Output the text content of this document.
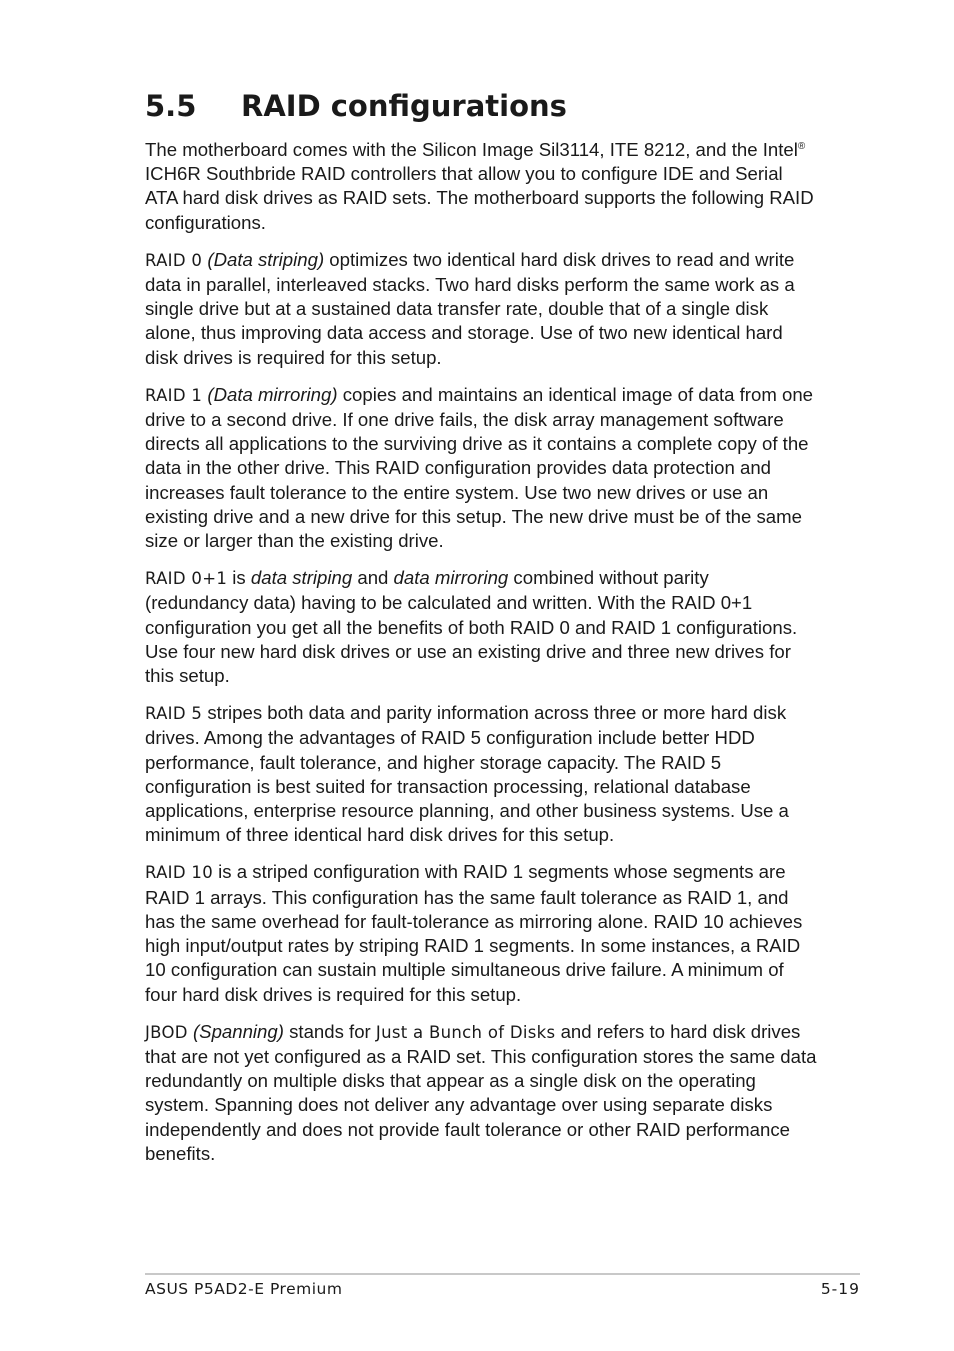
5.5 RAID configurations

The motherboard comes with the Silicon Image Sil3114, ITE 8212, and the Intel® ICH6R Southbride RAID controllers that allow you to configure IDE and Serial ATA hard disk drives as RAID sets. The motherboard supports the following RAID configurations.

RAID 0 (Data striping) optimizes two identical hard disk drives to read and write data in parallel, interleaved stacks. Two hard disks perform the same work as a single drive but at a sustained data transfer rate, double that of a single disk alone, thus improving data access and storage. Use of two new identical hard disk drives is required for this setup.

RAID 1 (Data mirroring) copies and maintains an identical image of data from one drive to a second drive. If one drive fails, the disk array management software directs all applications to the surviving drive as it contains a complete copy of the data in the other drive. This RAID configuration provides data protection and increases fault tolerance to the entire system. Use two new drives or use an existing drive and a new drive for this setup. The new drive must be of the same size or larger than the existing drive.

RAID 0+1 is data striping and data mirroring combined without parity (redundancy data) having to be calculated and written. With the RAID 0+1 configuration you get all the benefits of both RAID 0 and RAID 1 configurations. Use four new hard disk drives or use an existing drive and three new drives for this setup.

RAID 5 stripes both data and parity information across three or more hard disk drives. Among the advantages of RAID 5 configuration include better HDD performance, fault tolerance, and higher storage capacity. The RAID 5 configuration is best suited for transaction processing, relational database applications, enterprise resource planning, and other business systems. Use a minimum of three identical hard disk drives for this setup.

RAID 10 is a striped configuration with RAID 1 segments whose segments are RAID 1 arrays. This configuration has the same fault tolerance as RAID 1, and has the same overhead for fault-tolerance as mirroring alone. RAID 10 achieves high input/output rates by striping RAID 1 segments. In some instances, a RAID 10 configuration can sustain multiple simultaneous drive failure. A minimum of four hard disk drives is required for this setup.

JBOD (Spanning) stands for Just a Bunch of Disks and refers to hard disk drives that are not yet configured as a RAID set. This configuration stores the same data redundantly on multiple disks that appear as a single disk on the operating system. Spanning does not deliver any advantage over using separate disks independently and does not provide fault tolerance or other RAID performance benefits.

ASUS P5AD2-E Premium	5-19
